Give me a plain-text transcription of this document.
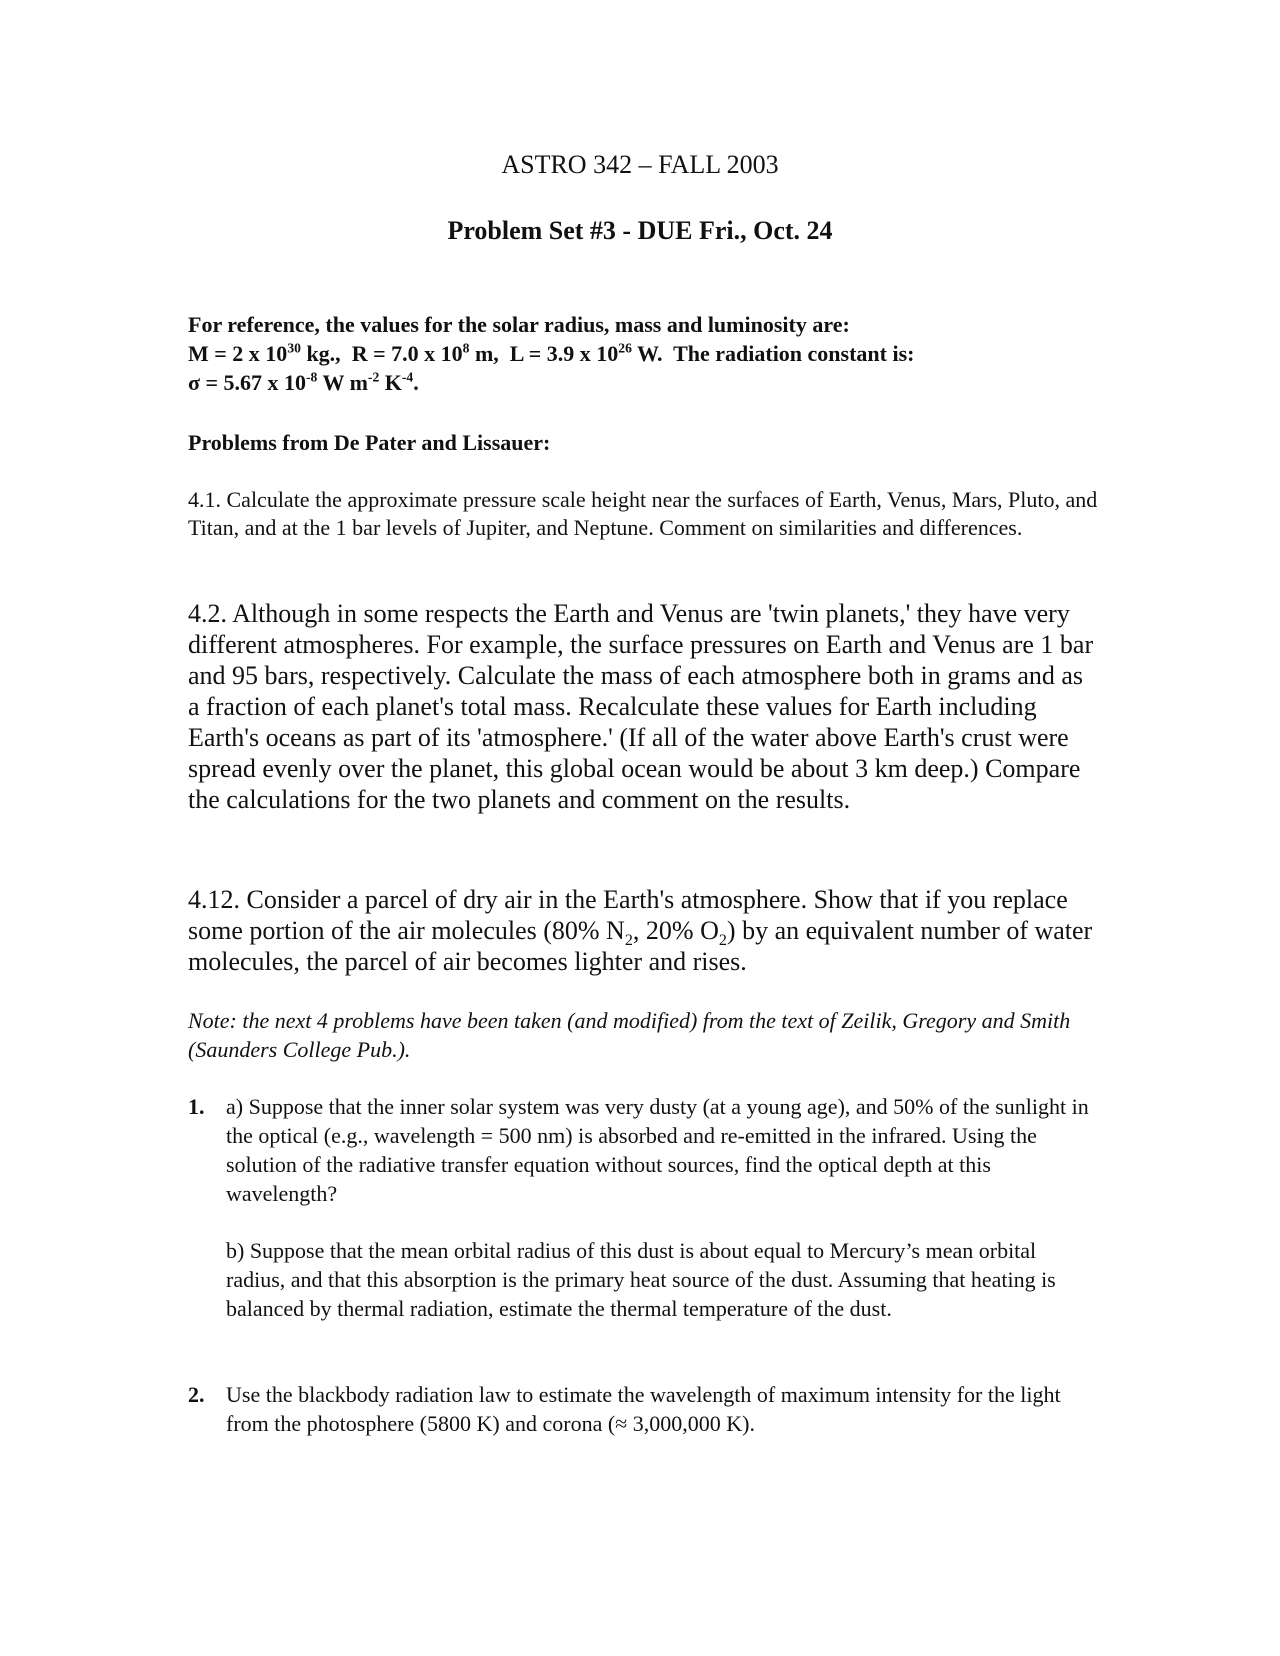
ASTRO 342 – FALL 2003
Problem Set #3 - DUE Fri., Oct. 24

For reference, the values for the solar radius, mass and luminosity are:

M = 2 x $10^{30}$ kg.,  R = 7.0 x $10^8$ m,  L = 3.9 x $10^{26}$ W.  The radiation constant is:

σ = 5.67 x $10^{-8}$ W $m^{-2}$ $K^{-4}$.

Problems from De Pater and Lissauer:

4.1. Calculate the approximate pressure scale height near the surfaces of Earth, Venus, Mars, Pluto, and Titan, and at the 1 bar levels of Jupiter, and Neptune. Comment on similarities and differences.

4.2. Although in some respects the Earth and Venus are 'twin planets,' they have very different atmospheres. For example, the surface pressures on Earth and Venus are 1 bar and 95 bars, respectively. Calculate the mass of each atmosphere both in grams and as a fraction of each planet's total mass. Recalculate these values for Earth including Earth's oceans as part of its 'atmosphere.' (If all of the water above Earth's crust were spread evenly over the planet, this global ocean would be about 3 km deep.) Compare the calculations for the two planets and comment on the results.

4.12. Consider a parcel of dry air in the Earth's atmosphere. Show that if you replace some portion of the air molecules (80% $N_2$, 20% $O_2$) by an equivalent number of water molecules, the parcel of air becomes lighter and rises.

Note: the next 4 problems have been taken (and modified) from the text of Zeilik, Gregory and Smith (Saunders College Pub.).

1. a) Suppose that the inner solar system was very dusty (at a young age), and 50% of the sunlight in the optical (e.g., wavelength = 500 nm) is absorbed and re-emitted in the infrared. Using the solution of the radiative transfer equation without sources, find the optical depth at this wavelength?

b) Suppose that the mean orbital radius of this dust is about equal to Mercury’s mean orbital radius, and that this absorption is the primary heat source of the dust. Assuming that heating is balanced by thermal radiation, estimate the thermal temperature of the dust.

2. Use the blackbody radiation law to estimate the wavelength of maximum intensity for the light from the photosphere (5800 K) and corona (≈ 3,000,000 K).
